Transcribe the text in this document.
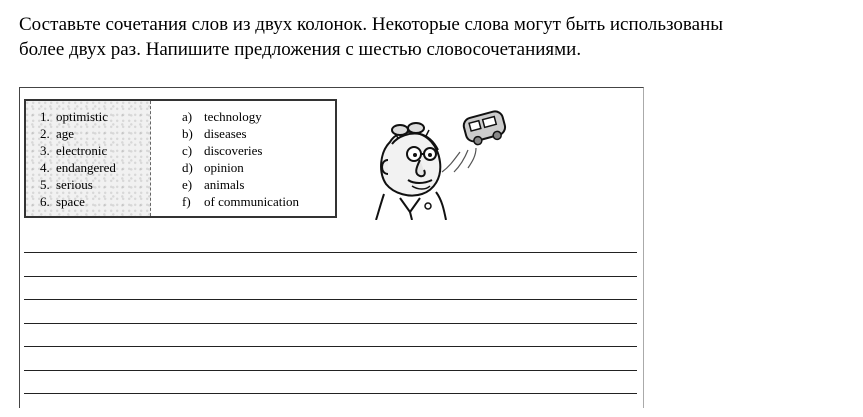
Составьте сочетания слов из двух колонок. Некоторые слова могут быть использованы
более двух раз. Напишите предложения с шестью словосочетаниями.
1. optimistic
2. age
3. electronic
4. endangered
5. serious
6. space
a) technology
b) diseases
c) discoveries
d) opinion
e) animals
f) of communication
